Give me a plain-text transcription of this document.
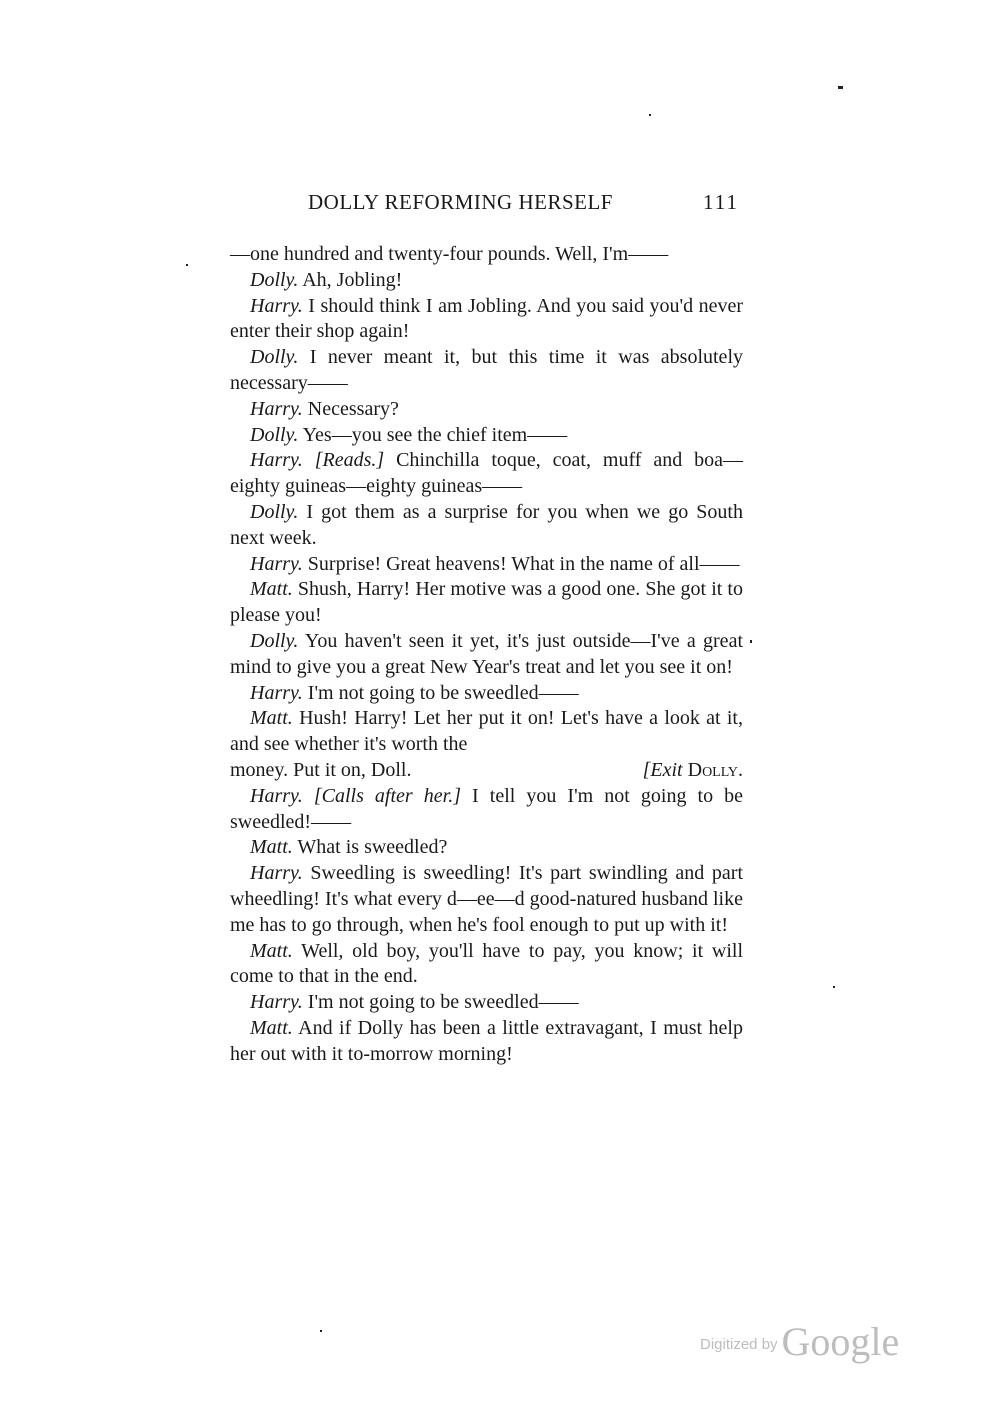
DOLLY REFORMING HERSELF	111

—one hundred and twenty-four pounds. Well, I'm——

Dolly. Ah, Jobling!

Harry. I should think I am Jobling. And you said you'd never enter their shop again!

Dolly. I never meant it, but this time it was absolutely necessary——

Harry. Necessary?

Dolly. Yes—you see the chief item——

Harry. [Reads.] Chinchilla toque, coat, muff and boa—eighty guineas—eighty guineas——

Dolly. I got them as a surprise for you when we go South next week.

Harry. Surprise! Great heavens! What in the name of all——

Matt. Shush, Harry! Her motive was a good one. She got it to please you!

Dolly. You haven't seen it yet, it's just outside—I've a great mind to give you a great New Year's treat and let you see it on!

Harry. I'm not going to be sweedled——

Matt. Hush! Harry! Let her put it on! Let's have a look at it, and see whether it's worth the

money. Put it on, Doll.	[Exit Dolly.

Harry. [Calls after her.] I tell you I'm not going to be sweedled!——

Matt. What is sweedled?

Harry. Sweedling is sweedling! It's part swindling and part wheedling! It's what every d—ee—d good-natured husband like me has to go through, when he's fool enough to put up with it!

Matt. Well, old boy, you'll have to pay, you know; it will come to that in the end.

Harry. I'm not going to be sweedled——

Matt. And if Dolly has been a little extravagant, I must help her out with it to-morrow morning!

Digitized by Google
